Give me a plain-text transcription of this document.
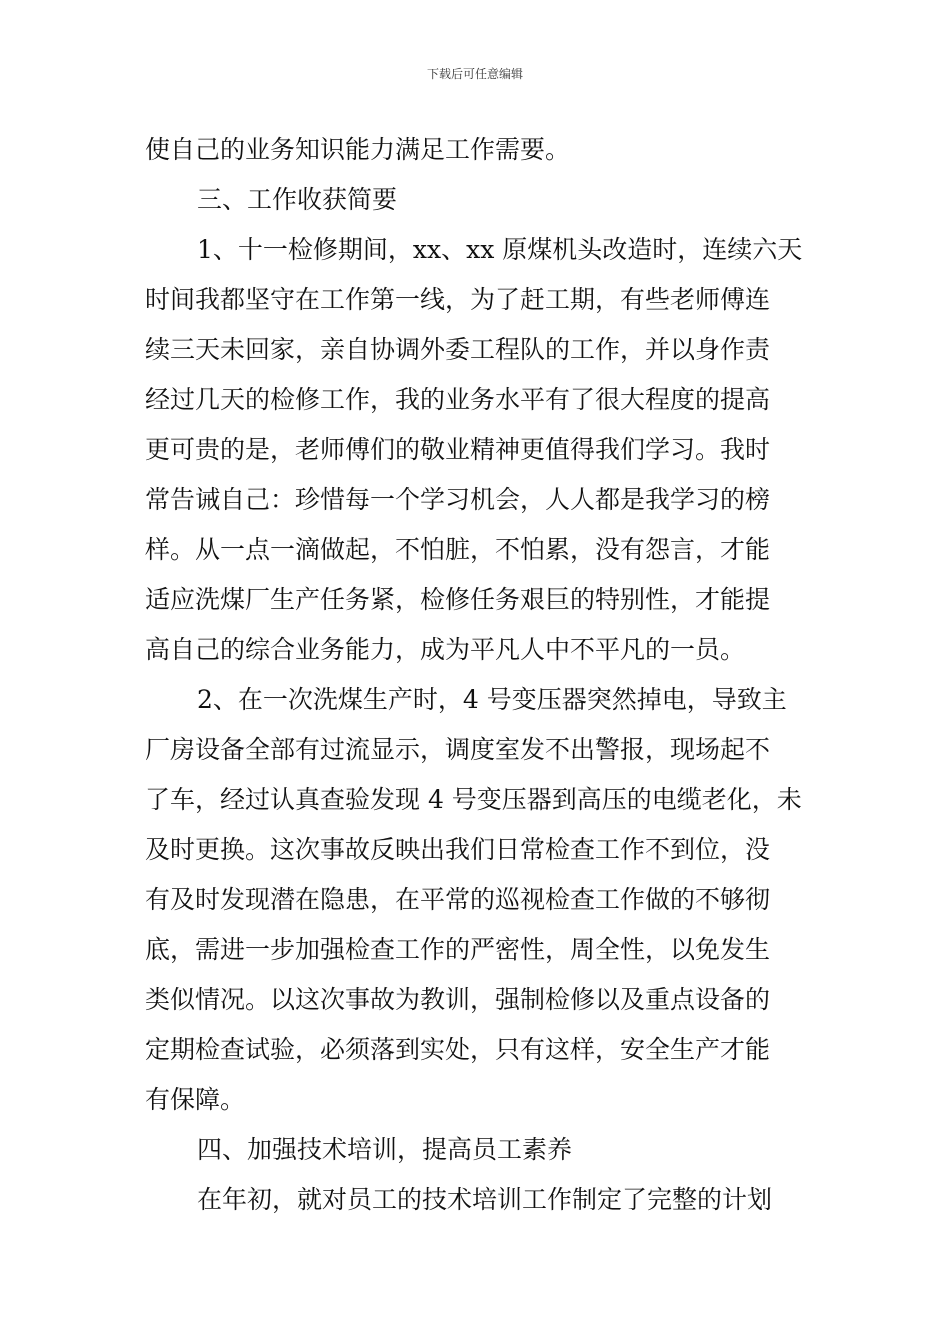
下载后可任意编辑
使自己的业务知识能力满足工作需要。
三、工作收获简要
1、十一检修期间，xx、xx 原煤机头改造时，连续六天
时间我都坚守在工作第一线，为了赶工期，有些老师傅连
续三天未回家，亲自协调外委工程队的工作，并以身作责
经过几天的检修工作，我的业务水平有了很大程度的提高
更可贵的是，老师傅们的敬业精神更值得我们学习。我时
常告诫自己：珍惜每一个学习机会，人人都是我学习的榜
样。从一点一滴做起，不怕脏，不怕累，没有怨言，才能
适应洗煤厂生产任务紧，检修任务艰巨的特别性，才能提
高自己的综合业务能力，成为平凡人中不平凡的一员。
2、在一次洗煤生产时，4 号变压器突然掉电，导致主
厂房设备全部有过流显示，调度室发不出警报，现场起不
了车，经过认真查验发现 4 号变压器到高压的电缆老化，未
及时更换。这次事故反映出我们日常检查工作不到位，没
有及时发现潜在隐患，在平常的巡视检查工作做的不够彻
底，需进一步加强检查工作的严密性，周全性，以免发生
类似情况。以这次事故为教训，强制检修以及重点设备的
定期检查试验，必须落到实处，只有这样，安全生产才能
有保障。
四、加强技术培训，提高员工素养
在年初，就对员工的技术培训工作制定了完整的计划
